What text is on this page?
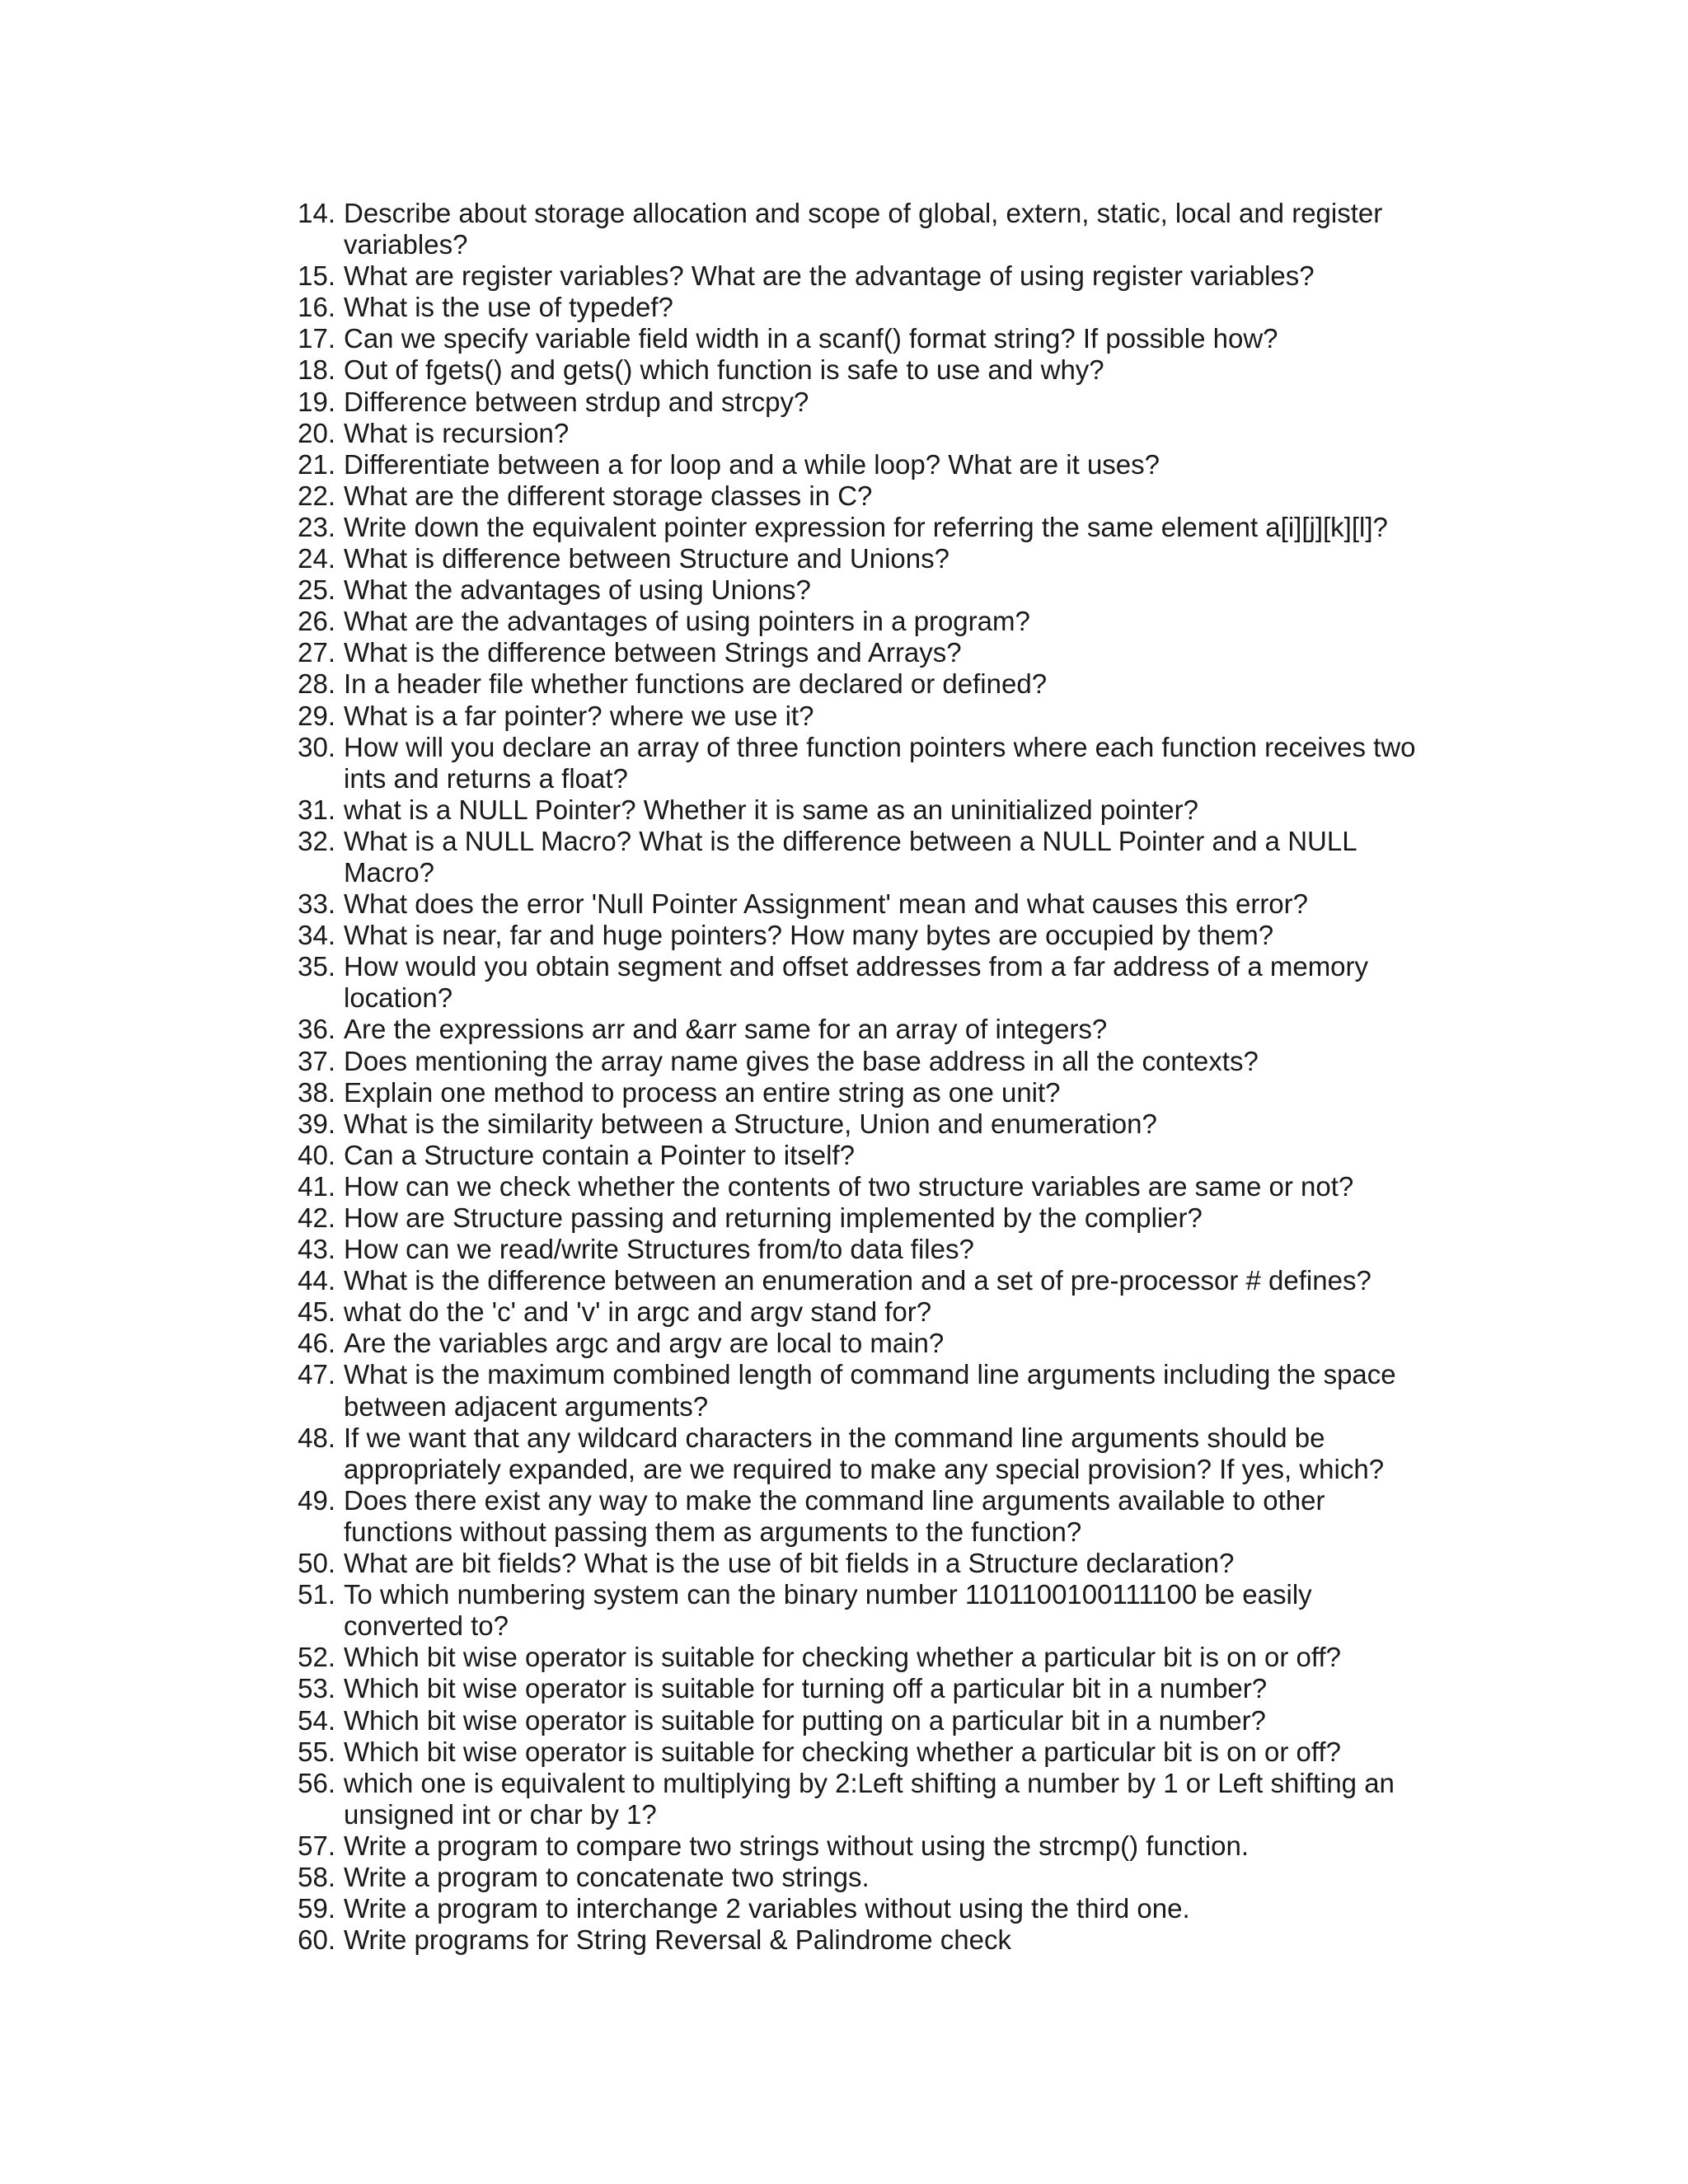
14. Describe about storage allocation and scope of global, extern, static, local and register variables?
15. What are register variables? What are the advantage of using register variables?
16. What is the use of typedef?
17. Can we specify variable field width in a scanf() format string? If possible how?
18. Out of fgets() and gets() which function is safe to use and why?
19. Difference between strdup and strcpy?
20. What is recursion?
21. Differentiate between a for loop and a while loop? What are it uses?
22. What are the different storage classes in C?
23. Write down the equivalent pointer expression for referring the same element a[i][j][k][l]?
24. What is difference between Structure and Unions?
25. What the advantages of using Unions?
26. What are the advantages of using pointers in a program?
27. What is the difference between Strings and Arrays?
28. In a header file whether functions are declared or defined?
29. What is a far pointer? where we use it?
30. How will you declare an array of three function pointers where each function receives two ints and returns a float?
31. what is a NULL Pointer? Whether it is same as an uninitialized pointer?
32. What is a NULL Macro? What is the difference between a NULL Pointer and a NULL Macro?
33. What does the error 'Null Pointer Assignment' mean and what causes this error?
34. What is near, far and huge pointers? How many bytes are occupied by them?
35. How would you obtain segment and offset addresses from a far address of a memory location?
36. Are the expressions arr and &arr same for an array of integers?
37. Does mentioning the array name gives the base address in all the contexts?
38. Explain one method to process an entire string as one unit?
39. What is the similarity between a Structure, Union and enumeration?
40. Can a Structure contain a Pointer to itself?
41. How can we check whether the contents of two structure variables are same or not?
42. How are Structure passing and returning implemented by the complier?
43. How can we read/write Structures from/to data files?
44. What is the difference between an enumeration and a set of pre-processor # defines?
45. what do the 'c' and 'v' in argc and argv stand for?
46. Are the variables argc and argv are local to main?
47. What is the maximum combined length of command line arguments including the space between adjacent arguments?
48. If we want that any wildcard characters in the command line arguments should be appropriately expanded, are we required to make any special provision? If yes, which?
49. Does there exist any way to make the command line arguments available to other functions without passing them as arguments to the function?
50. What are bit fields? What is the use of bit fields in a Structure declaration?
51. To which numbering system can the binary number 1101100100111100 be easily converted to?
52. Which bit wise operator is suitable for checking whether a particular bit is on or off?
53. Which bit wise operator is suitable for turning off a particular bit in a number?
54. Which bit wise operator is suitable for putting on a particular bit in a number?
55. Which bit wise operator is suitable for checking whether a particular bit is on or off?
56. which one is equivalent to multiplying by 2:Left shifting a number by 1 or Left shifting an unsigned int or char by 1?
57. Write a program to compare two strings without using the strcmp() function.
58. Write a program to concatenate two strings.
59. Write a program to interchange 2 variables without using the third one.
60. Write programs for String Reversal & Palindrome check
